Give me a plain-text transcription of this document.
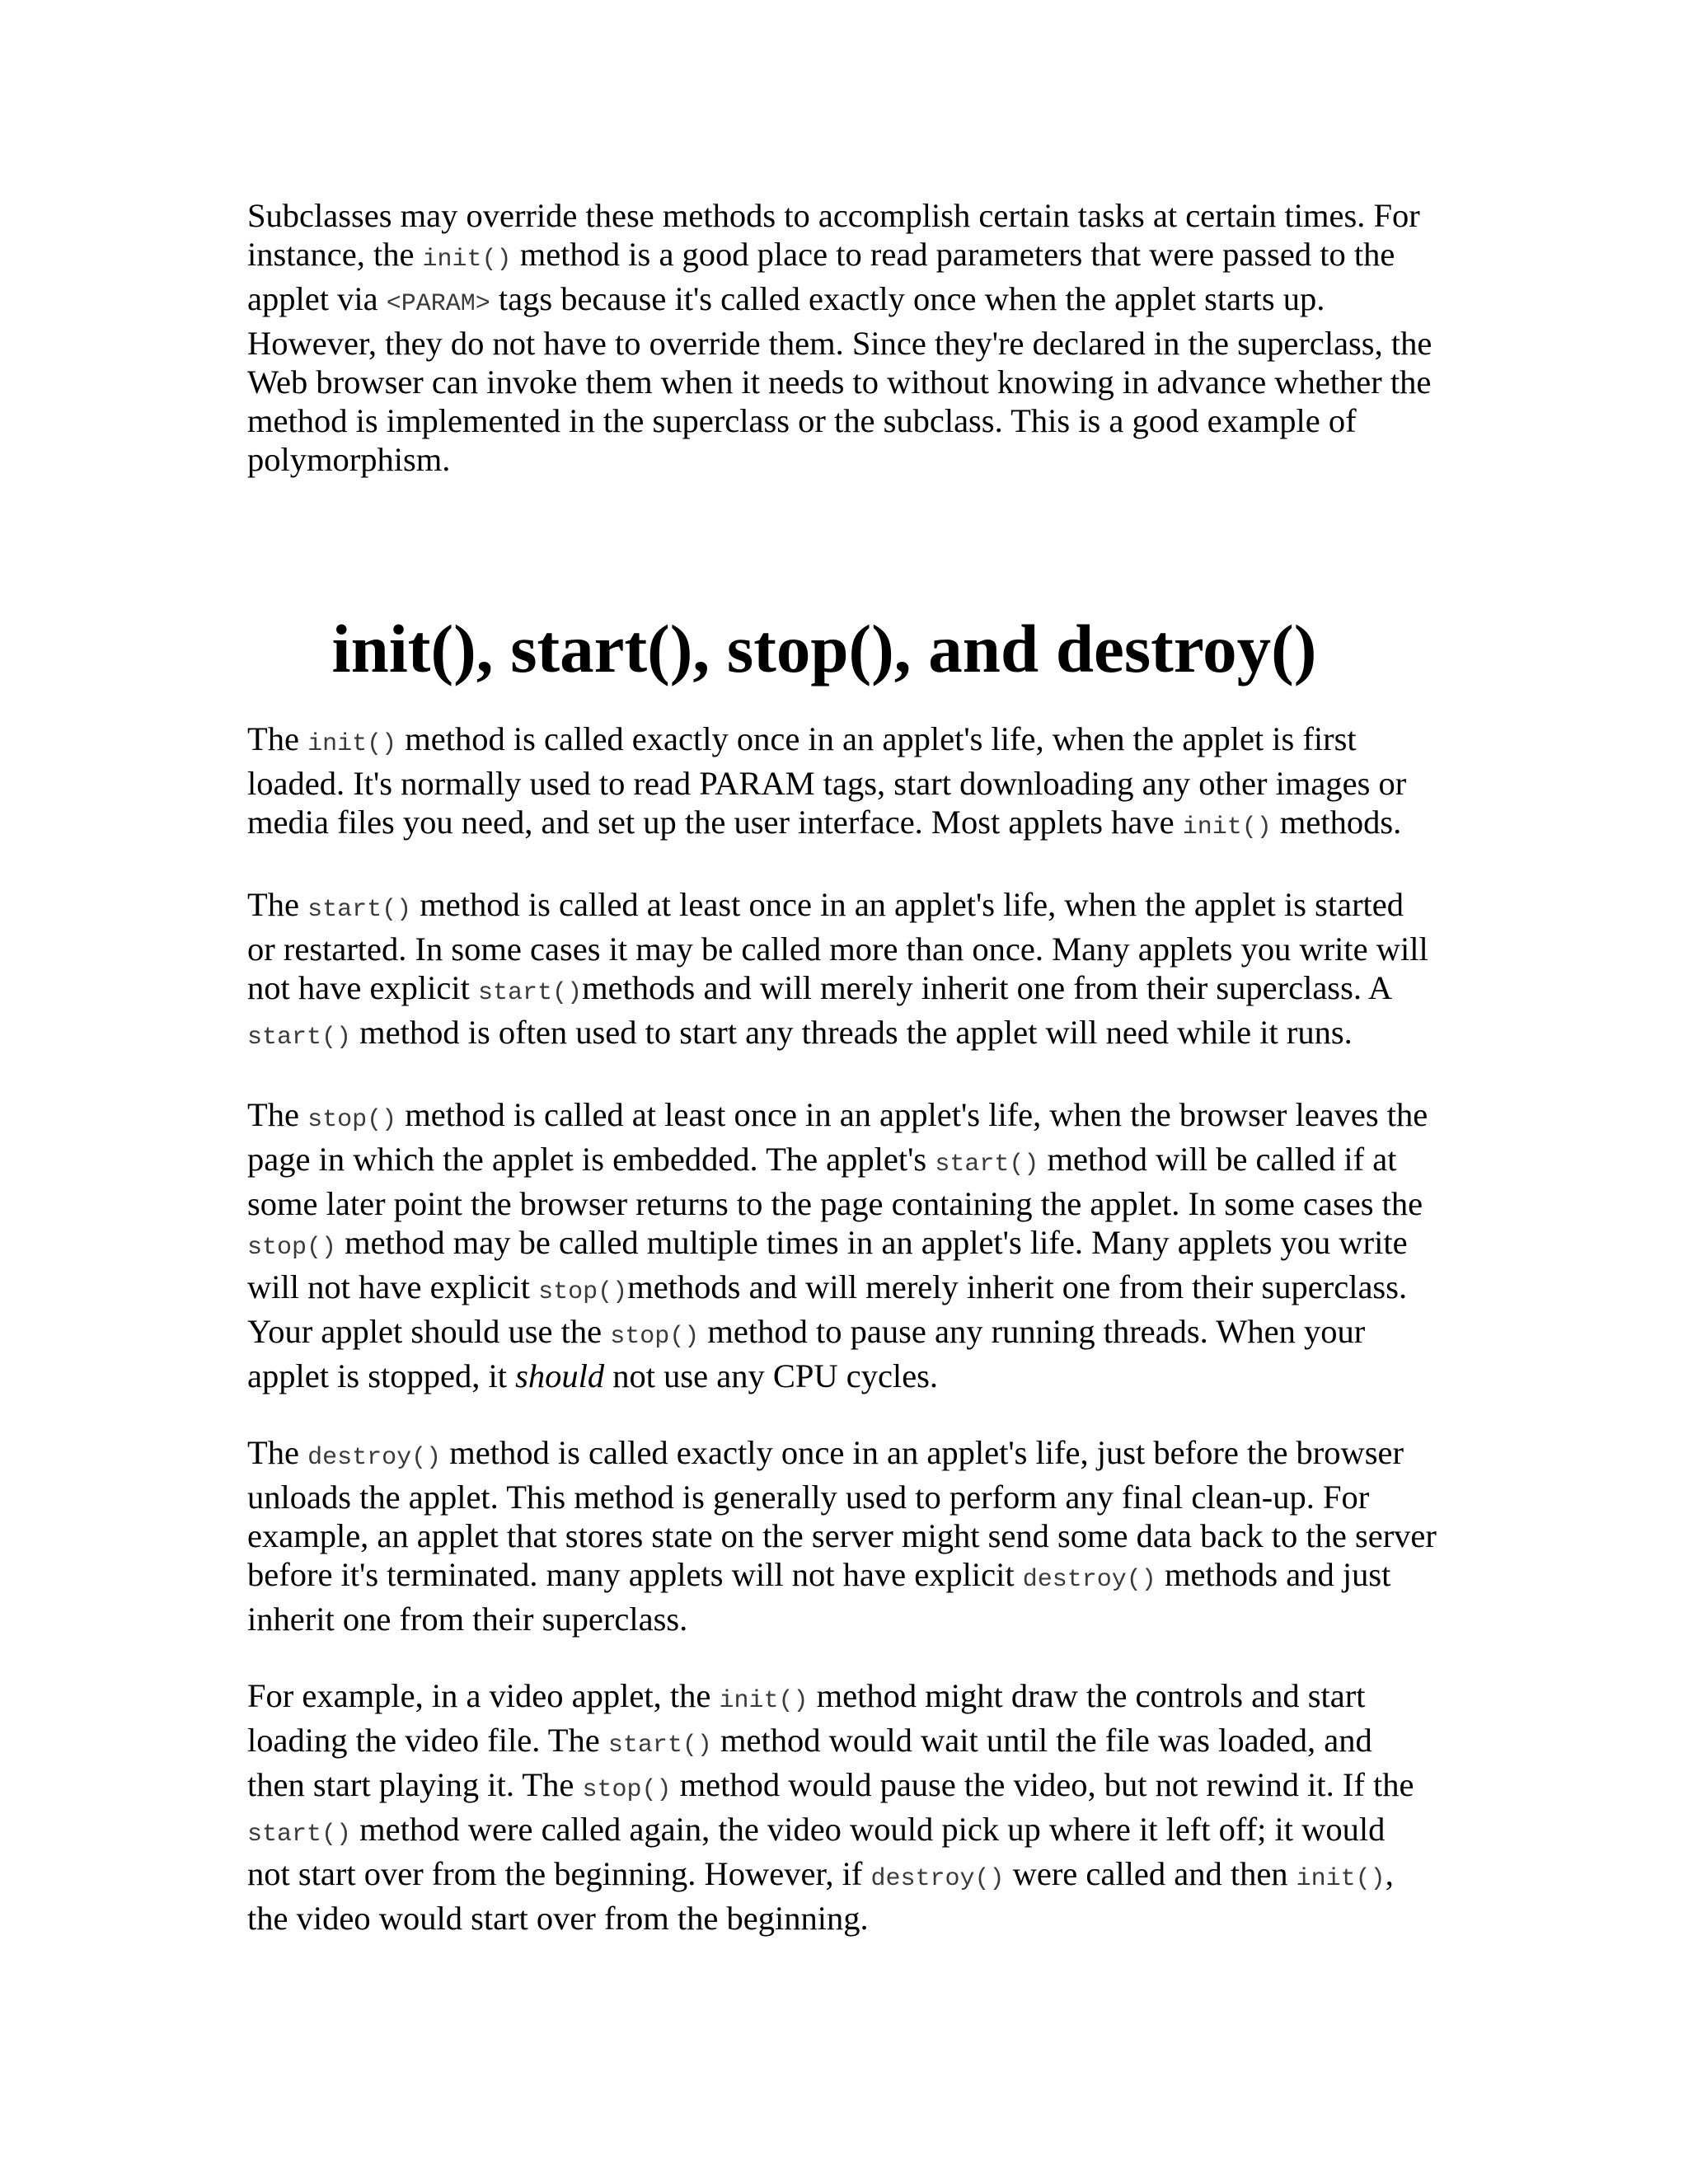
Subclasses may override these methods to accomplish certain tasks at certain times. For
instance, the init() method is a good place to read parameters that were passed to the
applet via <PARAM> tags because it's called exactly once when the applet starts up.
However, they do not have to override them. Since they're declared in the superclass, the
Web browser can invoke them when it needs to without knowing in advance whether the
method is implemented in the superclass or the subclass. This is a good example of
polymorphism.

init(), start(), stop(), and destroy()

The init() method is called exactly once in an applet's life, when the applet is first
loaded. It's normally used to read PARAM tags, start downloading any other images or
media files you need, and set up the user interface. Most applets have init() methods.

The start() method is called at least once in an applet's life, when the applet is started
or restarted. In some cases it may be called more than once. Many applets you write will
not have explicit start()methods and will merely inherit one from their superclass. A
start() method is often used to start any threads the applet will need while it runs.

The stop() method is called at least once in an applet's life, when the browser leaves the
page in which the applet is embedded. The applet's start() method will be called if at
some later point the browser returns to the page containing the applet. In some cases the
stop() method may be called multiple times in an applet's life. Many applets you write
will not have explicit stop()methods and will merely inherit one from their superclass.
Your applet should use the stop() method to pause any running threads. When your
applet is stopped, it should not use any CPU cycles.

The destroy() method is called exactly once in an applet's life, just before the browser
unloads the applet. This method is generally used to perform any final clean-up. For
example, an applet that stores state on the server might send some data back to the server
before it's terminated. many applets will not have explicit destroy() methods and just
inherit one from their superclass.

For example, in a video applet, the init() method might draw the controls and start
loading the video file. The start() method would wait until the file was loaded, and
then start playing it. The stop() method would pause the video, but not rewind it. If the
start() method were called again, the video would pick up where it left off; it would
not start over from the beginning. However, if destroy() were called and then init(),
the video would start over from the beginning.
